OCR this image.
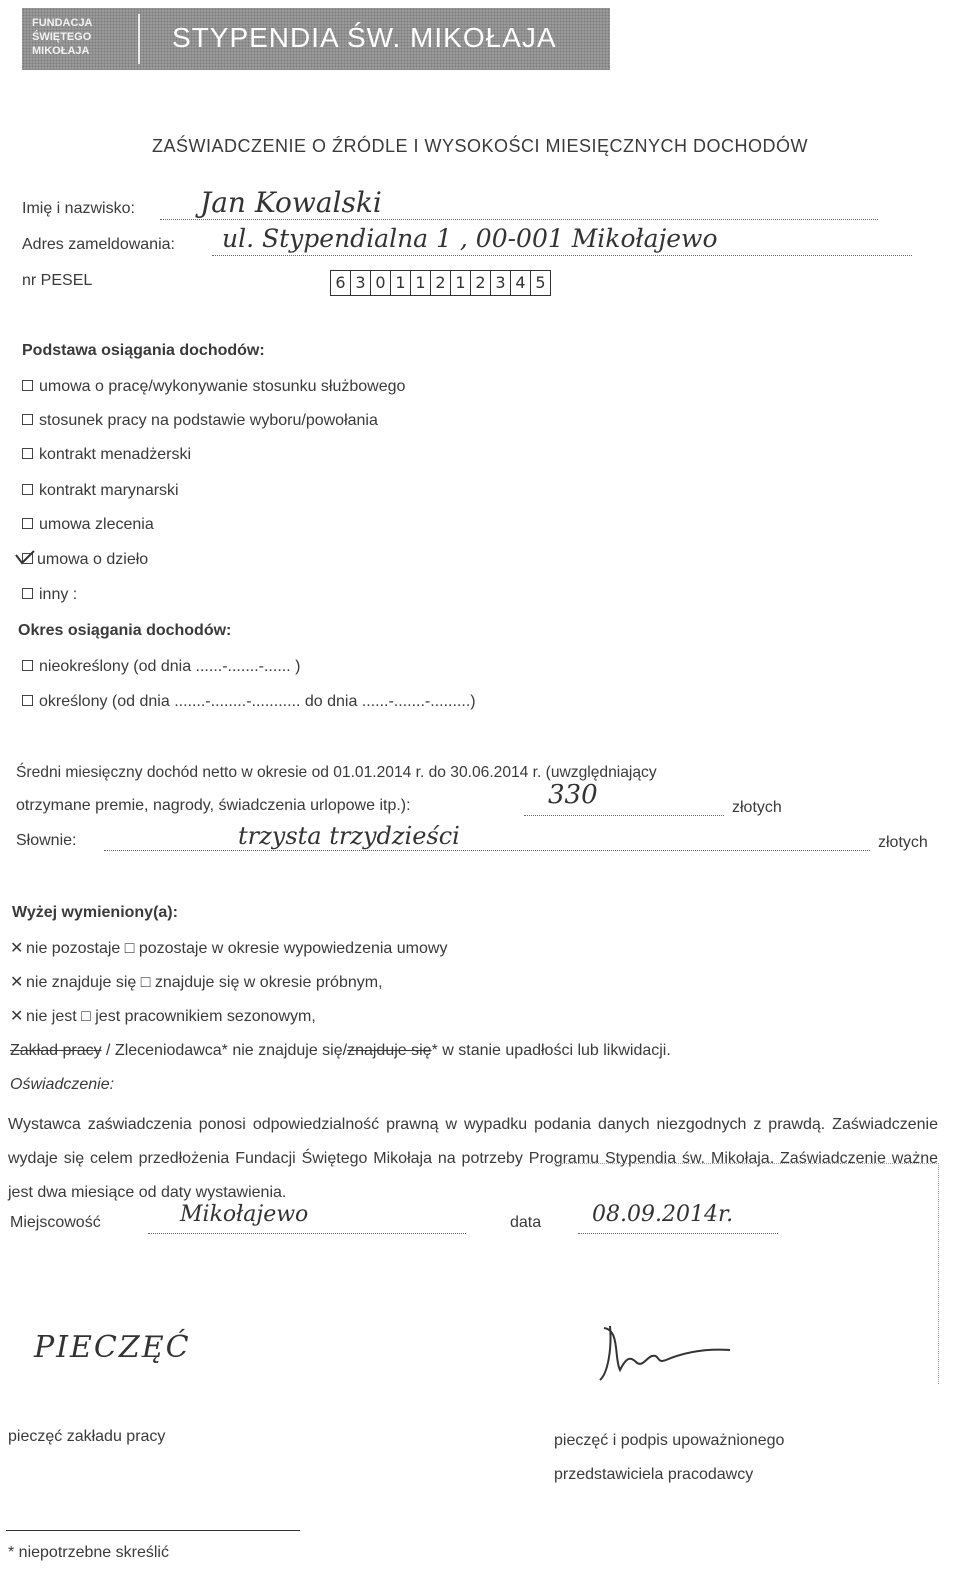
FUNDACJA
ŚWIĘTEGO
MIKOŁAJA	STYPENDIA ŚW. MIKOŁAJA
ZAŚWIADCZENIE O ŹRÓDLE I WYSOKOŚCI MIESIĘCZNYCH DOCHODÓW
Imię i nazwisko: Jan Kowalski
Adres zameldowania: ul. Stypendialna 1 , 00-001 Mikołajewo
nr PESEL	6 3 0 1 1 2 1 2 3 4 5
Podstawa osiągania dochodów:
umowa o pracę/wykonywanie stosunku służbowego
stosunek pracy na podstawie wyboru/powołania
kontrakt menadżerski
kontrakt marynarski
umowa zlecenia
umowa o dzieło
inny :
Okres osiągania dochodów:
nieokreślony (od dnia ......-.......-...... )
określony (od dnia .......-........-........... do dnia ......-.......-.........)
Średni miesięczny dochód netto w okresie od 01.01.2014 r. do 30.06.2014 r. (uwzględniający
otrzymane premie, nagrody, świadczenia urlopowe itp.):	330	złotych
Słownie:	trzysta trzydzieści	złotych
Wyżej wymieniony(a):
✕ nie pozostaje □ pozostaje w okresie wypowiedzenia umowy
✕ nie znajduje się □ znajduje się w okresie próbnym,
✕ nie jest □ jest pracownikiem sezonowym,
Zakład pracy / Zleceniodawca* nie znajduje się/znajduje się* w stanie upadłości lub likwidacji.
Oświadczenie:
Wystawca zaświadczenia ponosi odpowiedzialność prawną w wypadku podania danych niezgodnych z prawdą. Zaświadczenie wydaje się celem przedłożenia Fundacji Świętego Mikołaja na potrzeby Programu Stypendia św. Mikołaja. Zaświadczenie ważne jest dwa miesiące od daty wystawienia.
Miejscowość	Mikołajewo	data 08.09.2014r.
PIECZĘĆ
pieczęć zakładu pracy	pieczęć i podpis upoważnionego
przedstawiciela pracodawcy
* niepotrzebne skreślić
